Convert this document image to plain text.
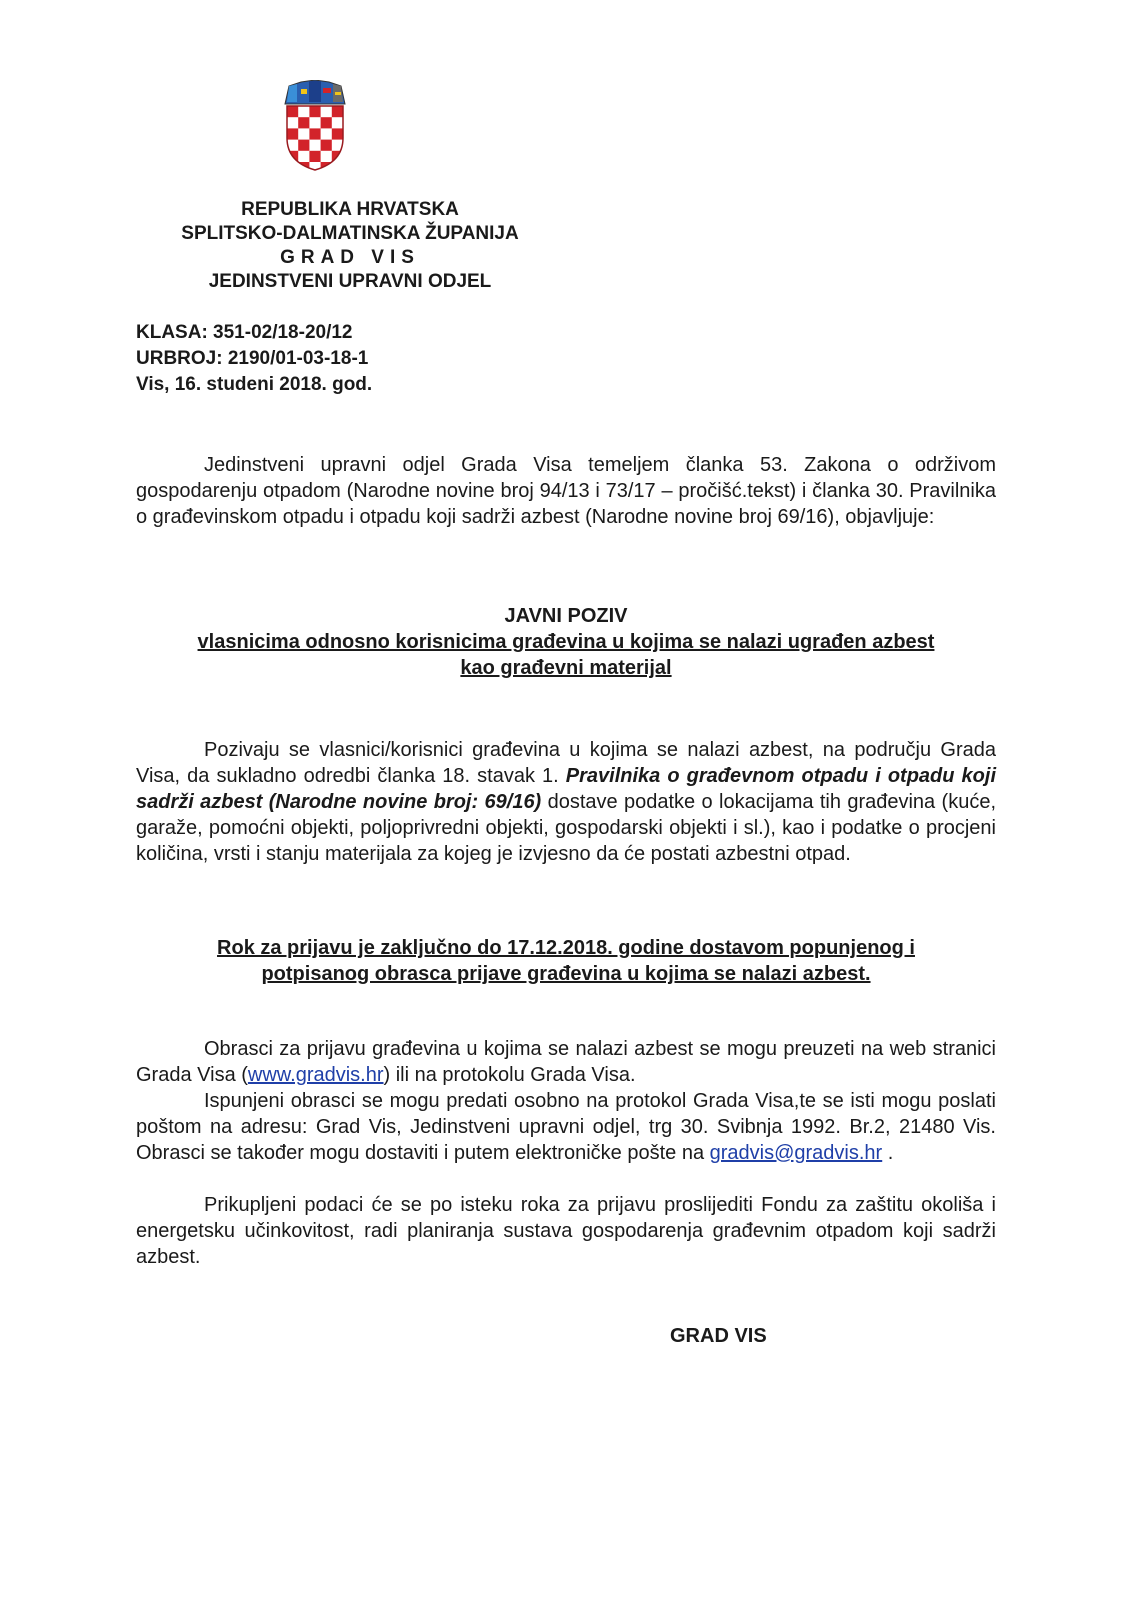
REPUBLIKA HRVATSKA

SPLITSKO-DALMATINSKA ŽUPANIJA

GRAD VIS

JEDINSTVENI UPRAVNI ODJEL

KLASA: 351-02/18-20/12

URBROJ: 2190/01-03-18-1

Vis, 16. studeni 2018. god.

Jedinstveni upravni odjel Grada Visa temeljem članka 53. Zakona o održivom gospodarenju otpadom (Narodne novine broj 94/13 i 73/17 – pročišć.tekst) i članka 30. Pravilnika o građevinskom otpadu i otpadu koji sadrži azbest (Narodne novine broj 69/16), objavljuje:

JAVNI POZIV

vlasnicima odnosno korisnicima građevina u kojima se nalazi ugrađen azbest

kao građevni materijal

Pozivaju se vlasnici/korisnici građevina u kojima se nalazi azbest, na području Grada Visa, da sukladno odredbi članka 18. stavak 1. Pravilnika o građevnom otpadu i otpadu koji sadrži azbest (Narodne novine broj: 69/16) dostave podatke o lokacijama tih građevina (kuće, garaže, pomoćni objekti, poljoprivredni objekti, gospodarski objekti i sl.), kao i podatke o procjeni količina, vrsti i stanju materijala za kojeg je izvjesno da će postati azbestni otpad.

Rok za prijavu je zaključno do 17.12.2018. godine dostavom popunjenog i

potpisanog obrasca prijave građevina u kojima se nalazi azbest.

Obrasci za prijavu građevina u kojima se nalazi azbest se mogu preuzeti na web stranici Grada Visa (www.gradvis.hr) ili na protokolu Grada Visa.

Ispunjeni obrasci se mogu predati osobno na protokol Grada Visa,te se isti mogu poslati poštom na adresu: Grad Vis, Jedinstveni upravni odjel, trg 30. Svibnja 1992. Br.2, 21480 Vis. Obrasci se također mogu dostaviti i putem elektroničke pošte na gradvis@gradvis.hr .

Prikupljeni podaci će se po isteku roka za prijavu proslijediti Fondu za zaštitu okoliša i energetsku učinkovitost, radi planiranja sustava gospodarenja građevnim otpadom koji sadrži azbest.

GRAD VIS
